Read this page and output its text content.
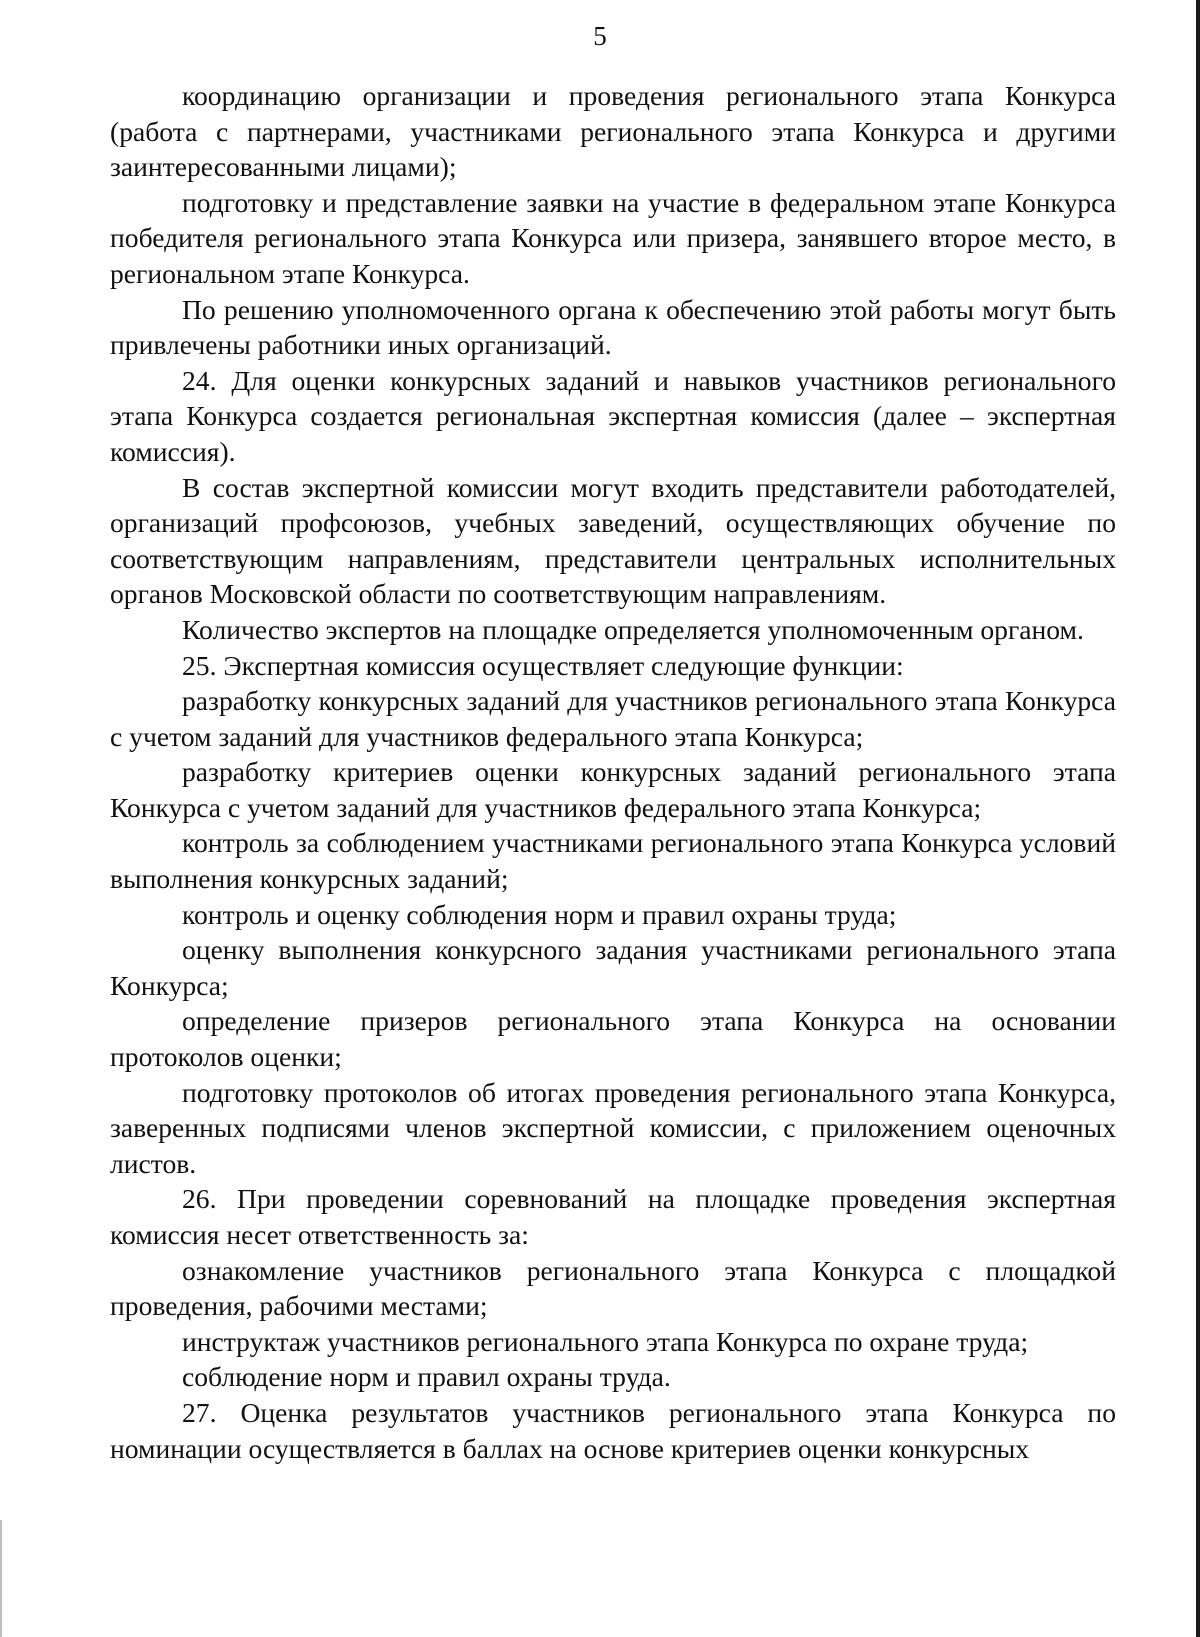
5

координацию организации и проведения регионального этапа Конкурса (работа с партнерами, участниками регионального этапа Конкурса и другими заинтересованными лицами);

подготовку и представление заявки на участие в федеральном этапе Конкурса победителя регионального этапа Конкурса или призера, занявшего второе место, в региональном этапе Конкурса.

По решению уполномоченного органа к обеспечению этой работы могут быть привлечены работники иных организаций.

24. Для оценки конкурсных заданий и навыков участников регионального этапа Конкурса создается региональная экспертная комиссия (далее – экспертная комиссия).

В состав экспертной комиссии могут входить представители работодателей, организаций профсоюзов, учебных заведений, осуществляющих обучение по соответствующим направлениям, представители центральных исполнительных органов Московской области по соответствующим направлениям.

Количество экспертов на площадке определяется уполномоченным органом.

25. Экспертная комиссия осуществляет следующие функции:

разработку конкурсных заданий для участников регионального этапа Конкурса с учетом заданий для участников федерального этапа Конкурса;

разработку критериев оценки конкурсных заданий регионального этапа Конкурса с учетом заданий для участников федерального этапа Конкурса;

контроль за соблюдением участниками регионального этапа Конкурса условий выполнения конкурсных заданий;

контроль и оценку соблюдения норм и правил охраны труда;

оценку выполнения конкурсного задания участниками регионального этапа Конкурса;

определение призеров регионального этапа Конкурса на основании протоколов оценки;

подготовку протоколов об итогах проведения регионального этапа Конкурса, заверенных подписями членов экспертной комиссии, с приложением оценочных листов.

26. При проведении соревнований на площадке проведения экспертная комиссия несет ответственность за:

ознакомление участников регионального этапа Конкурса с площадкой проведения, рабочими местами;

инструктаж участников регионального этапа Конкурса по охране труда;

соблюдение норм и правил охраны труда.

27. Оценка результатов участников регионального этапа Конкурса по номинации осуществляется в баллах на основе критериев оценки конкурсных
